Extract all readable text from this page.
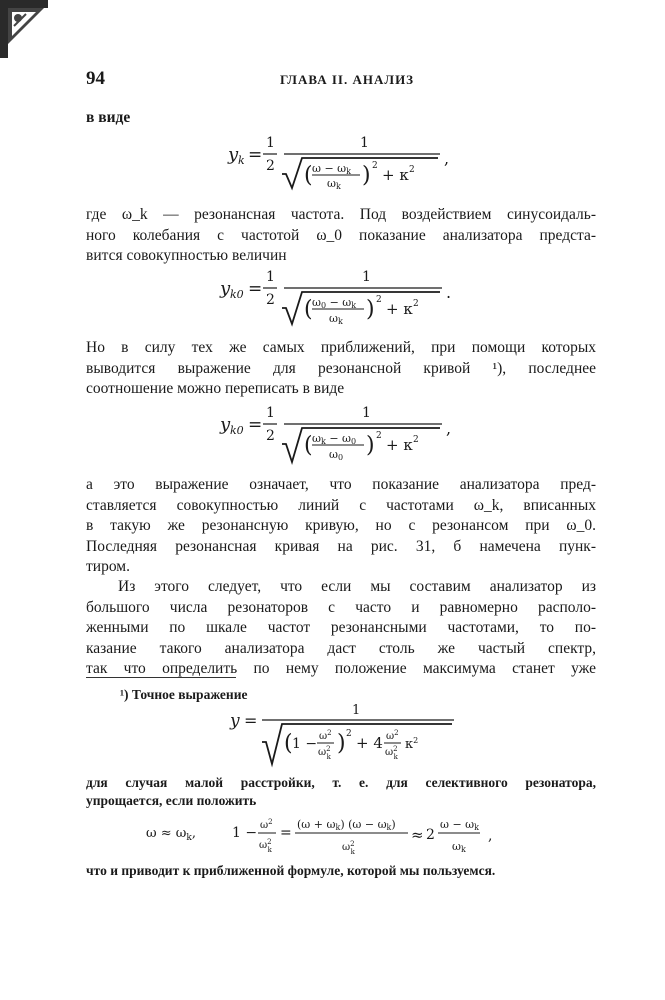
94	ГЛАВА II. АНАЛИЗ
в виде
y k =
1
2
1
( ω − ωk
ωk ) 2 + κ 2
,
где ω_k — резонансная частота. Под воздействием синусоидаль-
ного колебания с частотой ω_0 показание анализатора предста-
вится совокупностью величин
y k0 =
1
2
1
( ω0 − ωk
ωk ) 2 + κ 2
.
Но в силу тех же самых приближений, при помощи которых
выводится выражение для резонансной кривой ¹), последнее
соотношение можно переписать в виде
y k0 =
1
2
1
( ωk − ω0
ω0 ) 2 + κ 2
,
а это выражение означает, что показание анализатора пред-
ставляется совокупностью линий с частотами ω_k, вписанных
в такую же резонансную кривую, но с резонансом при ω_0.
Последняя резонансная кривая на рис. 31, б намечена пунк-
тиром.
Из этого следует, что если мы составим анализатор из
большого числа резонаторов с часто и равномерно располо-
женными по шкале частот резонансными частотами, то по-
казание такого анализатора даст столь же частый спектр,
так что определить по нему положение максимума станет уже
¹) Точное выражение
y =
1
( $1 - \omega^2$
$\omega^2$ k
) 2 + 4 $\omega^2$
$\omega^2$ k
$\kappa^2$
для случая малой расстройки, т. е. для селективного резонатора,
упрощается, если положить
$\omega \approx \omega_k$,	$1 - \omega^2$
$\omega^2$ k
=
(ω + ωk) (ω − ωk)
$\omega^2$ k
≈ 2
ω − ωk
ωk
,
что и приводит к приближенной формуле, которой мы пользуемся.
